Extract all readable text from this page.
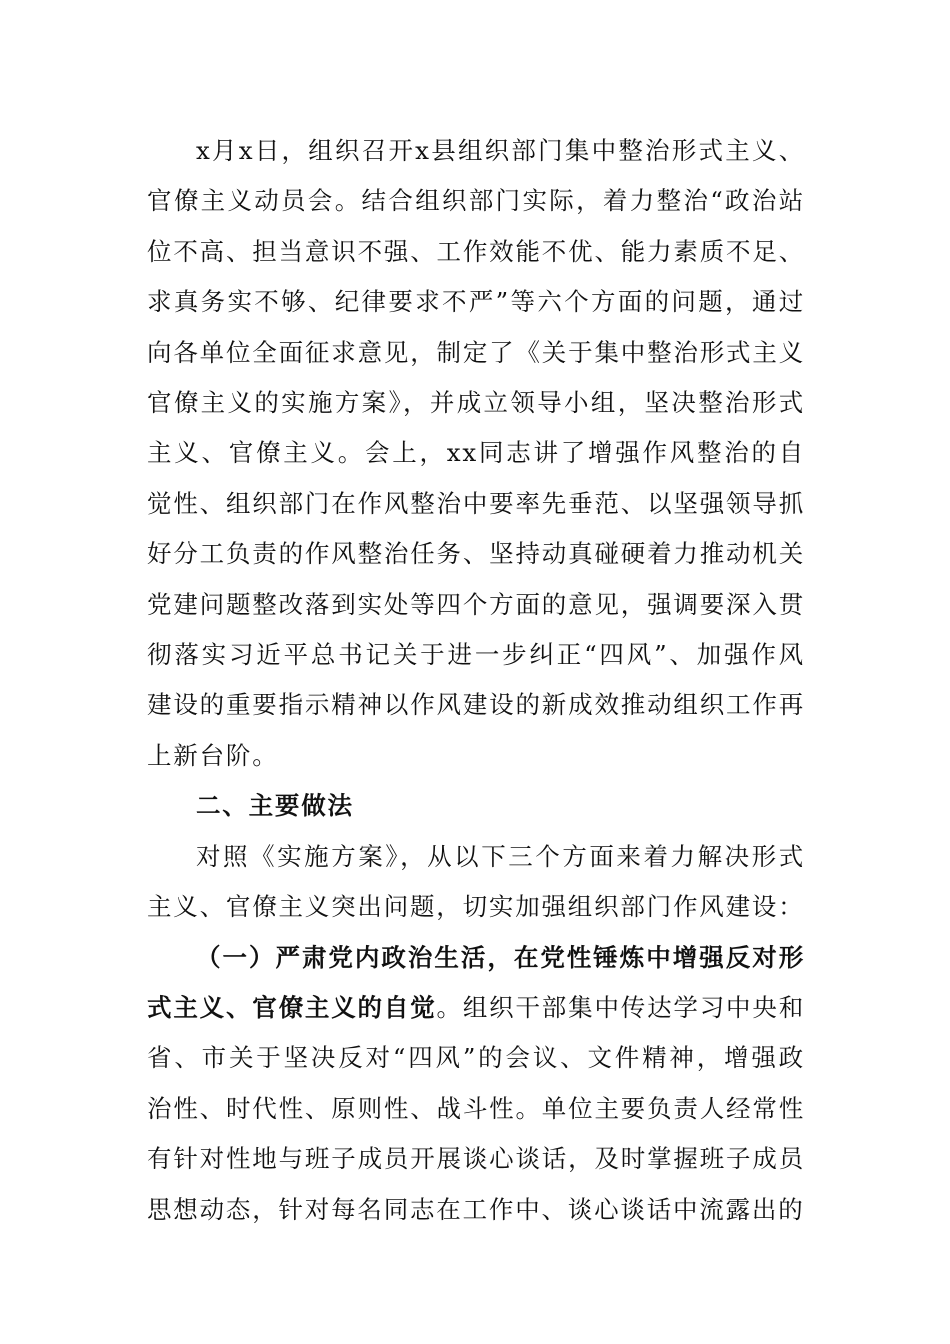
x月x日，组织召开x县组织部门集中整治形式主义、官僚主义动员会。结合组织部门实际，着力整治“政治站位不高、担当意识不强、工作效能不优、能力素质不足、求真务实不够、纪律要求不严”等六个方面的问题，通过向各单位全面征求意见，制定了《关于集中整治形式主义官僚主义的实施方案》，并成立领导小组，坚决整治形式主义、官僚主义。会上，xx同志讲了增强作风整治的自觉性、组织部门在作风整治中要率先垂范、以坚强领导抓好分工负责的作风整治任务、坚持动真碰硬着力推动机关党建问题整改落到实处等四个方面的意见，强调要深入贯彻落实习近平总书记关于进一步纠正“四风”、加强作风建设的重要指示精神以作风建设的新成效推动组织工作再上新台阶。

二、主要做法

对照《实施方案》，从以下三个方面来着力解决形式主义、官僚主义突出问题，切实加强组织部门作风建设：

（一）严肃党内政治生活，在党性锤炼中增强反对形式主义、官僚主义的自觉。组织干部集中传达学习中央和省、市关于坚决反对“四风”的会议、文件精神，增强政治性、时代性、原则性、战斗性。单位主要负责人经常性有针对性地与班子成员开展谈心谈话，及时掌握班子成员思想动态，针对每名同志在工作中、谈心谈话中流露出的
